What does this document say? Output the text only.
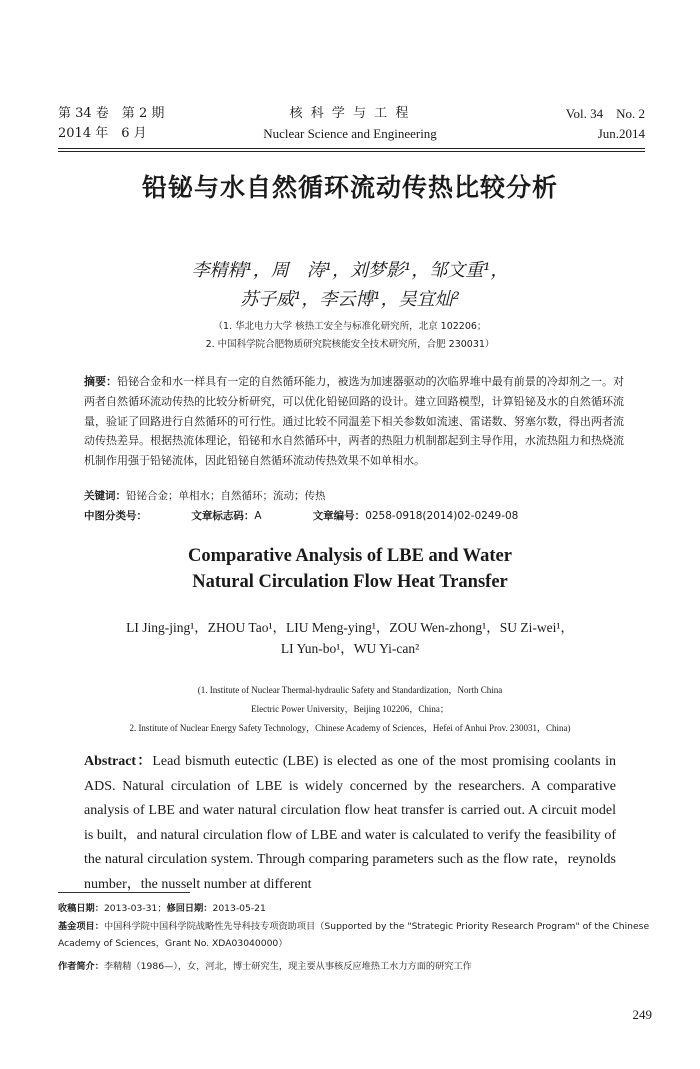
第 34 卷　第 2 期
2014 年　6 月
核 科 学 与 工 程
Nuclear Science and Engineering
Vol. 34　No. 2
Jun.2014
铅铋与水自然循环流动传热比较分析
李精精¹，周　涛¹，刘梦影¹，邹文重¹，
苏子威¹，李云博¹，吴宜灿²
（1. 华北电力大学 核热工安全与标准化研究所，北京 102206；
2. 中国科学院合肥物质研究院核能安全技术研究所，合肥 230031）
摘要：铅铋合金和水一样具有一定的自然循环能力，被选为加速器驱动的次临界堆中最有前景的冷却剂之一。对两者自然循环流动传热的比较分析研究，可以优化铅铋回路的设计。建立回路模型，计算铅铋及水的自然循环流量，验证了回路进行自然循环的可行性。通过比较不同温差下相关参数如流速、雷诺数、努塞尔数，得出两者流动传热差异。根据热流体理论，铅铋和水自然循环中，两者的热阻力机制都起到主导作用，水流热阻力和热烧流机制作用强于铅铋流体，因此铅铋自然循环流动传热效果不如单相水。
关键词：铅铋合金；单相水；自然循环；流动；传热
中图分类号：	文章标志码：A	文章编号：0258-0918(2014)02-0249-08
Comparative Analysis of LBE and Water
Natural Circulation Flow Heat Transfer
LI Jing-jing¹，ZHOU Tao¹，LIU Meng-ying¹，ZOU Wen-zhong¹，SU Zi-wei¹，
LI Yun-bo¹，WU Yi-can²
(1. Institute of Nuclear Thermal-hydraulic Safety and Standardization，North China
Electric Power University，Beijing 102206，China；
2. Institute of Nuclear Energy Safety Technology，Chinese Academy of Sciences，Hefei of Anhui Prov. 230031，China)
Abstract：Lead bismuth eutectic (LBE) is elected as one of the most promising coolants in ADS. Natural circulation of LBE is widely concerned by the researchers. A comparative analysis of LBE and water natural circulation flow heat transfer is carried out. A circuit model is built，and natural circulation flow of LBE and water is calculated to verify the feasibility of the natural circulation system. Through comparing parameters such as the flow rate，reynolds number，the nusselt number at different
收稿日期：2013-03-31；修回日期：2013-05-21
基金项目：中国科学院中国科学院战略性先导科技专项资助项目（Supported by the "Strategic Priority Research Program" of the Chinese Academy of Sciences，Grant No. XDA03040000）
作者简介：李精精（1986—），女，河北，博士研究生，现主要从事核反应堆热工水力方面的研究工作
249
